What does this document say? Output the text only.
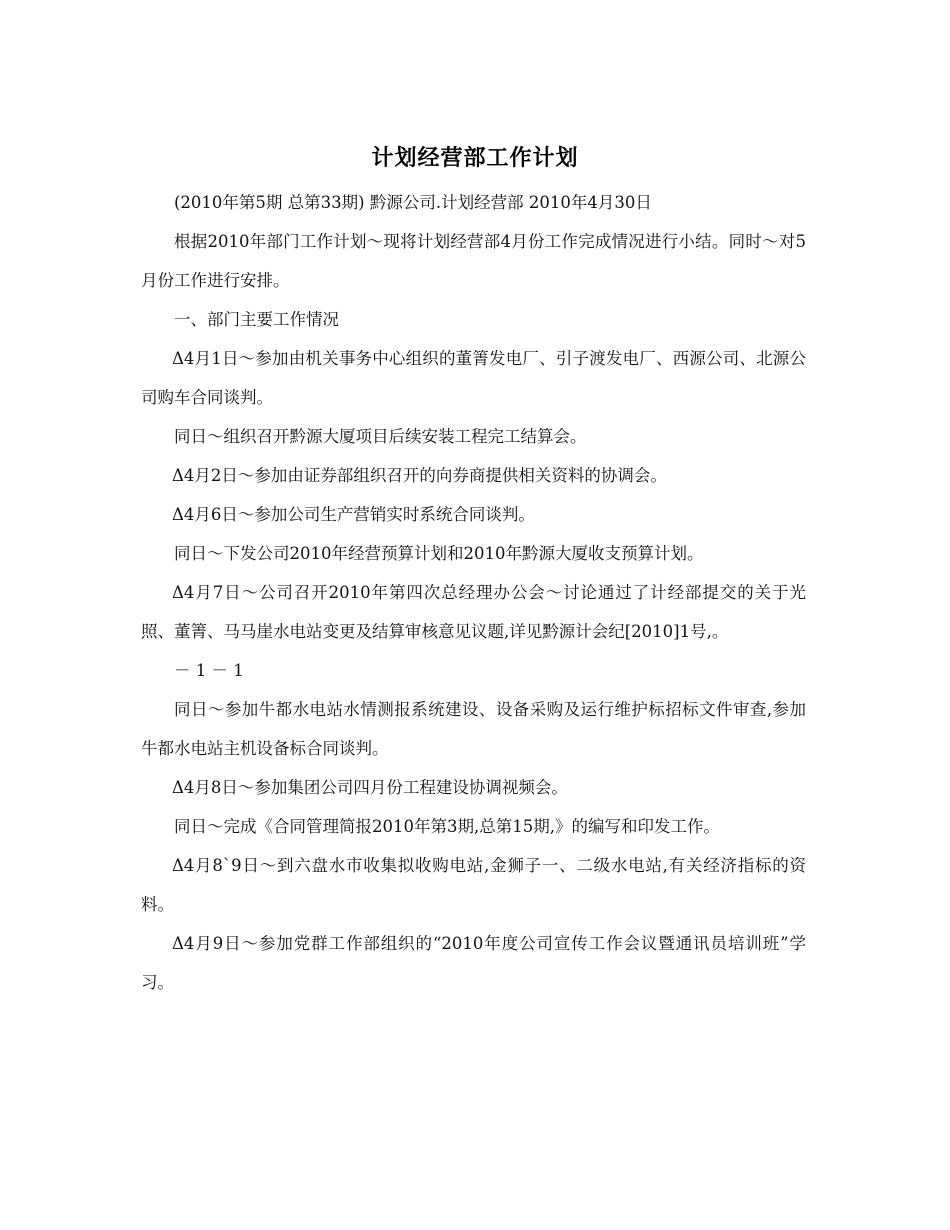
计划经营部工作计划

(2010年第5期 总第33期) 黔源公司.计划经营部 2010年4月30日

根据2010年部门工作计划～现将计划经营部4月份工作完成情况进行小结。同时～对5月份工作进行安排。

一、部门主要工作情况

Δ4月1日～参加由机关事务中心组织的董箐发电厂、引子渡发电厂、西源公司、北源公司购车合同谈判。

同日～组织召开黔源大厦项目后续安装工程完工结算会。

Δ4月2日～参加由证券部组织召开的向券商提供相关资料的协调会。

Δ4月6日～参加公司生产营销实时系统合同谈判。

同日～下发公司2010年经营预算计划和2010年黔源大厦收支预算计划。

Δ4月7日～公司召开2010年第四次总经理办公会～讨论通过了计经部提交的关于光照、董箐、马马崖水电站变更及结算审核意见议题,详见黔源计会纪[2010]1号,。

－ 1 － 1

同日～参加牛都水电站水情测报系统建设、设备采购及运行维护标招标文件审查,参加牛都水电站主机设备标合同谈判。

Δ4月8日～参加集团公司四月份工程建设协调视频会。

同日～完成《合同管理简报2010年第3期,总第15期,》的编写和印发工作。

Δ4月8`9日～到六盘水市收集拟收购电站,金狮子一、二级水电站,有关经济指标的资料。

Δ4月9日～参加党群工作部组织的“2010年度公司宣传工作会议暨通讯员培训班”学习。
